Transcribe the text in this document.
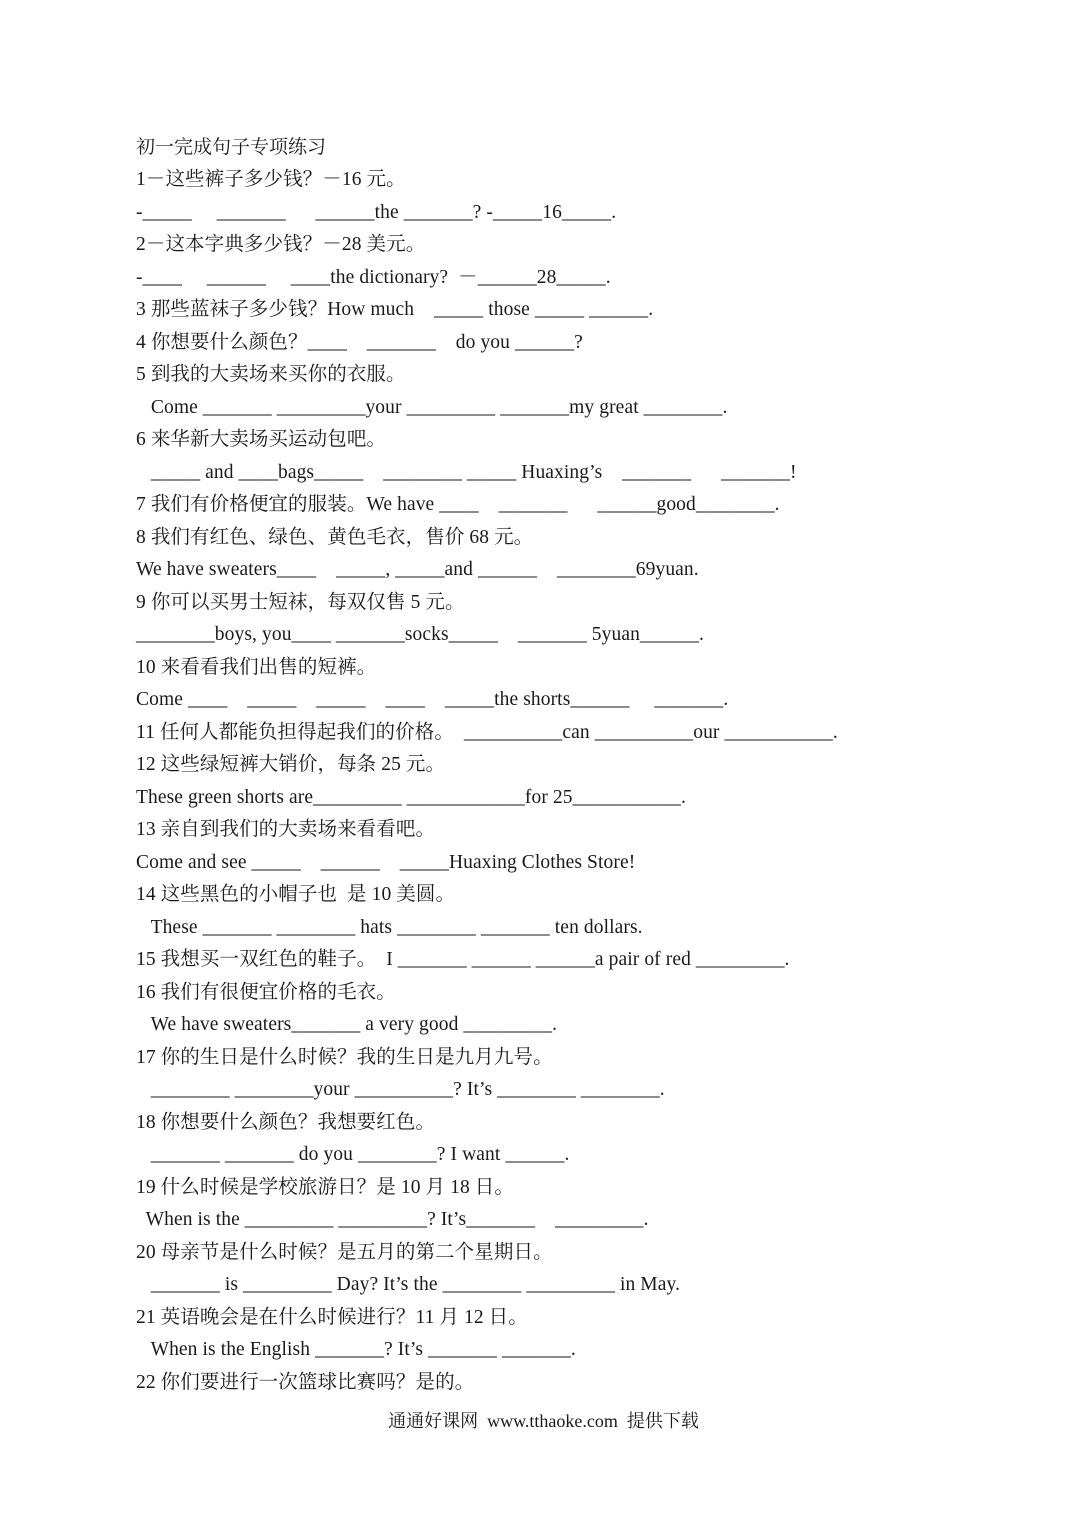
初一完成句子专项练习
1－这些裤子多少钱？－16 元。
-_____     _______      ______the _______? -_____16_____.
2－这本字典多少钱？－28 美元。
-____     ______     ____the dictionary?  －______28_____.
3 那些蓝袜子多少钱？How much    _____ those _____ ______.
4 你想要什么颜色？____    _______    do you ______?
5 到我的大卖场来买你的衣服。
Come _______ _________your _________ _______my great ________.
6 来华新大卖场买运动包吧。
_____ and ____bags_____    ________ _____ Huaxing’s    _______      _______!
7 我们有价格便宜的服装。We have ____    _______      ______good________.
8 我们有红色、绿色、黄色毛衣，售价 68 元。
We have sweaters____    _____, _____and ______    ________69yuan.
9 你可以买男士短袜，每双仅售 5 元。
________boys, you____ _______socks_____    _______ 5yuan______.
10 来看看我们出售的短裤。
Come ____    _____    _____    ____    _____the shorts______     _______.
11 任何人都能负担得起我们的价格。  __________can __________our ___________.
12 这些绿短裤大销价，每条 25 元。
These green shorts are_________ ____________for 25___________.
13 亲自到我们的大卖场来看看吧。
Come and see _____    ______    _____Huaxing Clothes Store!
14 这些黑色的小帽子也  是 10 美圆。
These _______ ________ hats ________ _______ ten dollars.
15 我想买一双红色的鞋子。  I _______ ______ ______a pair of red _________.
16 我们有很便宜价格的毛衣。
We have sweaters_______ a very good _________.
17 你的生日是什么时候？我的生日是九月九号。
________ ________your __________? It’s ________ ________.
18 你想要什么颜色？我想要红色。
_______ _______ do you ________? I want ______.
19 什么时候是学校旅游日？是 10 月 18 日。
When is the _________ _________? It’s_______    _________.
20 母亲节是什么时候？是五月的第二个星期日。
_______ is _________ Day? It’s the ________ _________ in May.
21 英语晚会是在什么时候进行？11 月 12 日。
When is the English _______? It’s _______ _______.
22 你们要进行一次篮球比赛吗？是的。
通通好课网  www.tthaoke.com  提供下载
